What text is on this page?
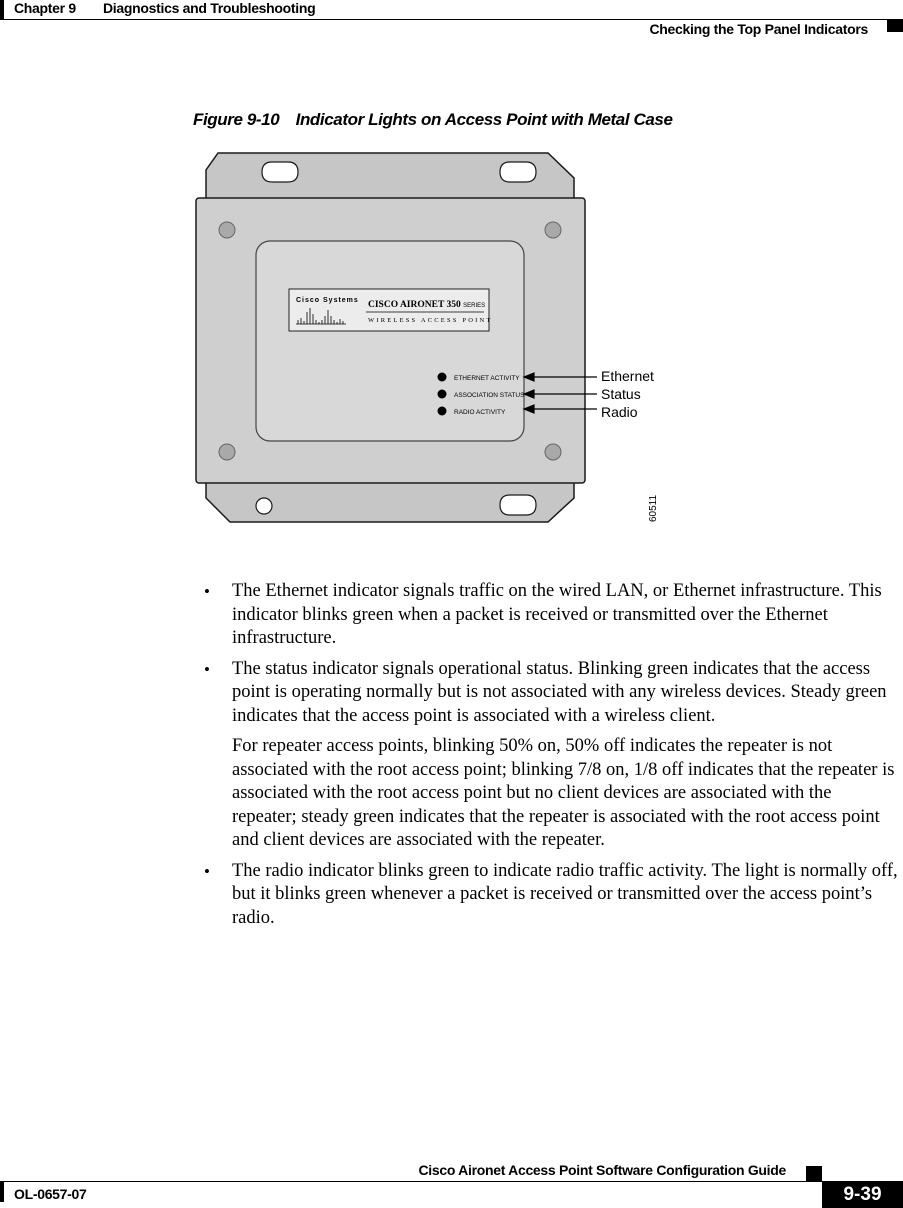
Chapter 9 Diagnostics and Troubleshooting
Checking the Top Panel Indicators
Figure 9-10 Indicator Lights on Access Point with Metal Case
Cisco Systems CISCO AIRONET 350 SERIES
WIRELESS ACCESS POINT
ETHERNET ACTIVITY
ASSOCIATION STATUS
RADIO ACTIVITY
Ethernet
Status
Radio
60511
• The Ethernet indicator signals traffic on the wired LAN, or Ethernet infrastructure. This indicator blinks green when a packet is received or transmitted over the Ethernet infrastructure.
• The status indicator signals operational status. Blinking green indicates that the access point is operating normally but is not associated with any wireless devices. Steady green indicates that the access point is associated with a wireless client.
For repeater access points, blinking 50% on, 50% off indicates the repeater is not associated with the root access point; blinking 7/8 on, 1/8 off indicates that the repeater is associated with the root access point but no client devices are associated with the repeater; steady green indicates that the repeater is associated with the root access point and client devices are associated with the repeater.
• The radio indicator blinks green to indicate radio traffic activity. The light is normally off, but it blinks green whenever a packet is received or transmitted over the access point’s radio.
Cisco Aironet Access Point Software Configuration Guide
OL-0657-07	9-39
